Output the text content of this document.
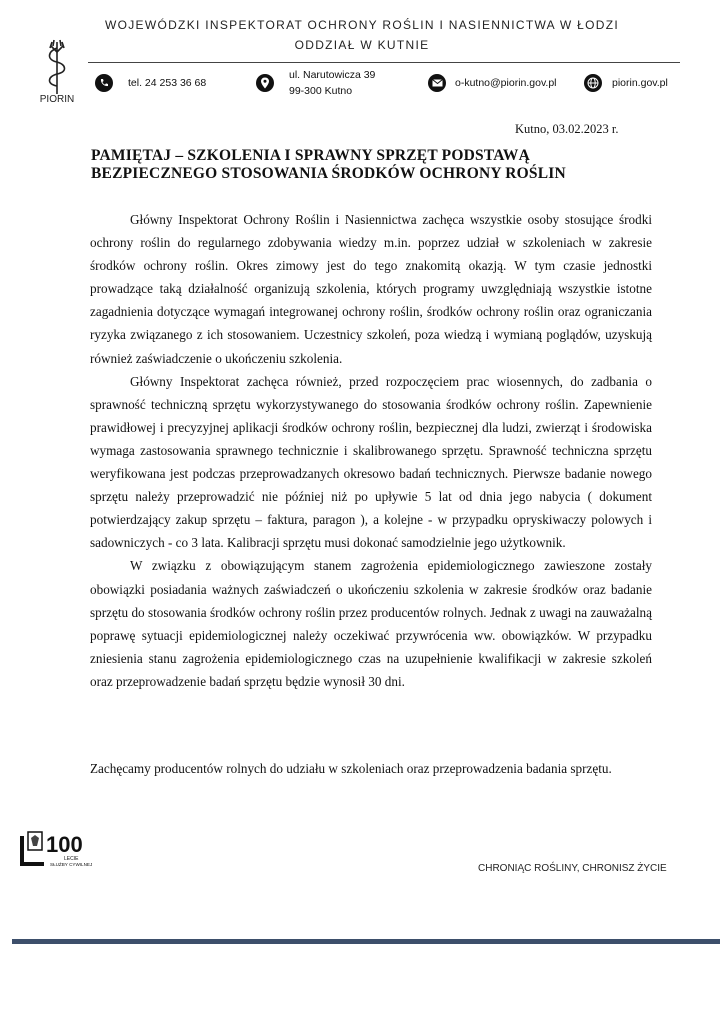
WOJEWÓDZKI INSPEKTORAT OCHRONY ROŚLIN I NASIENNICTWA W ŁODZI
ODDZIAŁ W KUTNIE
PIORIN
tel. 24 253 36 68
ul. Narutowicza 39
99-300 Kutno
o-kutno@piorin.gov.pl	piorin.gov.pl
Kutno, 03.02.2023 r.
PAMIĘTAJ – SZKOLENIA I SPRAWNY SPRZĘT PODSTAWĄ
BEZPIECZNEGO STOSOWANIA ŚRODKÓW OCHRONY ROŚLIN

Główny Inspektorat Ochrony Roślin i Nasiennictwa zachęca wszystkie osoby stosujące środki ochrony roślin do regularnego zdobywania wiedzy m.in. poprzez udział w szkoleniach w zakresie środków ochrony roślin. Okres zimowy jest do tego znakomitą okazją. W tym czasie jednostki prowadzące taką działalność organizują szkolenia, których programy uwzględniają wszystkie istotne zagadnienia dotyczące wymagań integrowanej ochrony roślin, środków ochrony roślin oraz ograniczania ryzyka związanego z ich stosowaniem. Uczestnicy szkoleń, poza wiedzą i wymianą poglądów, uzyskują również zaświadczenie o ukończeniu szkolenia.

Główny Inspektorat zachęca również, przed rozpoczęciem prac wiosennych, do zadbania o sprawność techniczną sprzętu wykorzystywanego do stosowania środków ochrony roślin. Zapewnienie prawidłowej i precyzyjnej aplikacji środków ochrony roślin, bezpiecznej dla ludzi, zwierząt i środowiska wymaga zastosowania sprawnego technicznie i skalibrowanego sprzętu. Sprawność techniczna sprzętu weryfikowana jest podczas przeprowadzanych okresowo badań technicznych. Pierwsze badanie nowego sprzętu należy przeprowadzić nie później niż po upływie 5 lat od dnia jego nabycia ( dokument potwierdzający zakup sprzętu – faktura, paragon ), a kolejne - w przypadku opryskiwaczy polowych i sadowniczych - co 3 lata. Kalibracji sprzętu musi dokonać samodzielnie jego użytkownik.

W związku z obowiązującym stanem zagrożenia epidemiologicznego zawieszone zostały obowiązki posiadania ważnych zaświadczeń o ukończeniu szkolenia w zakresie środków oraz badanie sprzętu do stosowania środków ochrony roślin przez producentów rolnych. Jednak z uwagi na zauważalną poprawę sytuacji epidemiologicznej należy oczekiwać przywrócenia ww. obowiązków. W przypadku zniesienia stanu zagrożenia epidemiologicznego czas na uzupełnienie kwalifikacji w zakresie szkoleń oraz przeprowadzenie badań sprzętu będzie wynosił 30 dni.

Zachęcamy producentów rolnych do udziału w szkoleniach oraz przeprowadzenia badania sprzętu.
100
LECIE
SŁUŻBY CYWILNEJ	CHRONIĄC ROŚLINY, CHRONISZ ŻYCIE
